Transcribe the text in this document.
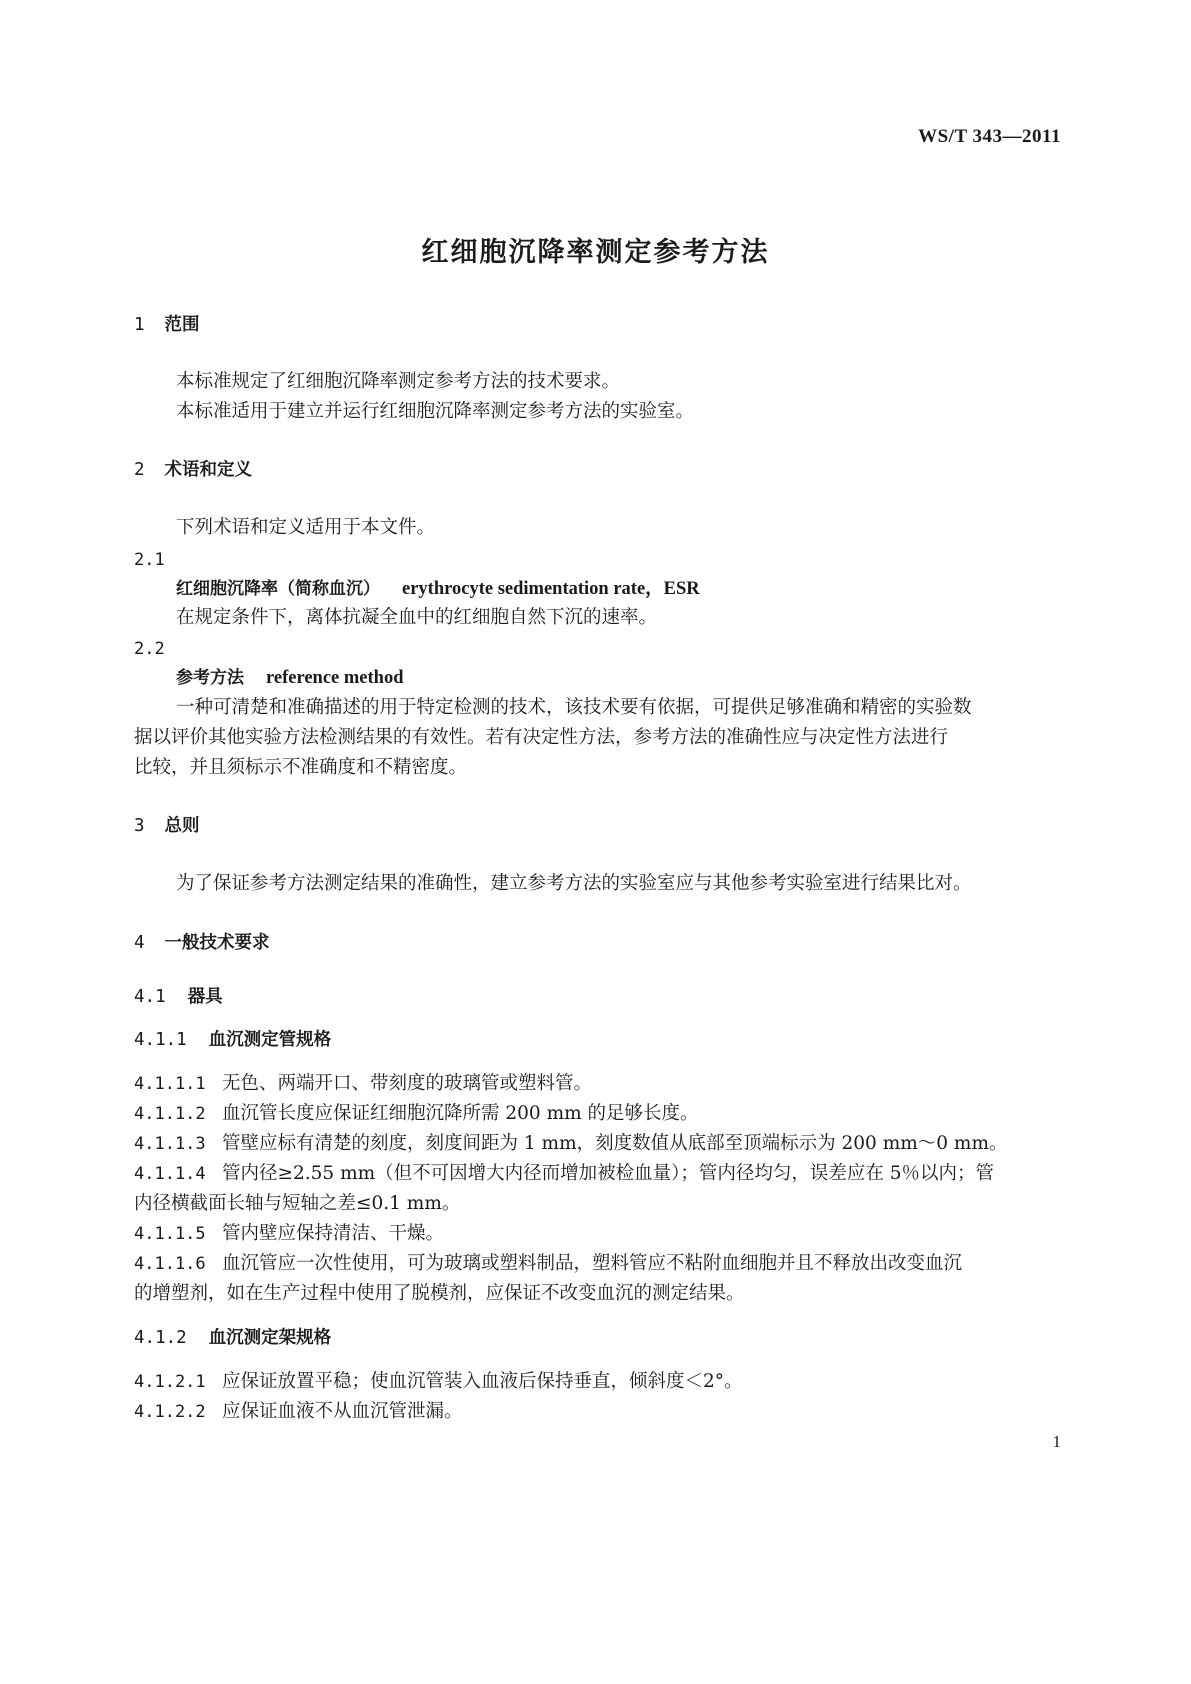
WS/T 343—2011
红细胞沉降率测定参考方法
1 范围
本标准规定了红细胞沉降率测定参考方法的技术要求。
本标准适用于建立并运行红细胞沉降率测定参考方法的实验室。
2 术语和定义
下列术语和定义适用于本文件。
2.1
红细胞沉降率（简称血沉） erythrocyte sedimentation rate，ESR
在规定条件下，离体抗凝全血中的红细胞自然下沉的速率。
2.2
参考方法 reference method
一种可清楚和准确描述的用于特定检测的技术，该技术要有依据，可提供足够准确和精密的实验数
据以评价其他实验方法检测结果的有效性。若有决定性方法，参考方法的准确性应与决定性方法进行
比较，并且须标示不准确度和不精密度。
3 总则
为了保证参考方法测定结果的准确性，建立参考方法的实验室应与其他参考实验室进行结果比对。
4 一般技术要求
4.1 器具
4.1.1 血沉测定管规格
4.1.1.1 无色、两端开口、带刻度的玻璃管或塑料管。
4.1.1.2 血沉管长度应保证红细胞沉降所需 200 mm 的足够长度。
4.1.1.3 管壁应标有清楚的刻度，刻度间距为 1 mm，刻度数值从底部至顶端标示为 200 mm～0 mm。
4.1.1.4 管内径≥2.55 mm（但不可因增大内径而增加被检血量）；管内径均匀，误差应在 5％以内；管
内径横截面长轴与短轴之差≤0.1 mm。
4.1.1.5 管内壁应保持清洁、干燥。
4.1.1.6 血沉管应一次性使用，可为玻璃或塑料制品，塑料管应不粘附血细胞并且不释放出改变血沉
的增塑剂，如在生产过程中使用了脱模剂，应保证不改变血沉的测定结果。
4.1.2 血沉测定架规格
4.1.2.1 应保证放置平稳；使血沉管装入血液后保持垂直，倾斜度＜2°。
4.1.2.2 应保证血液不从血沉管泄漏。
1
